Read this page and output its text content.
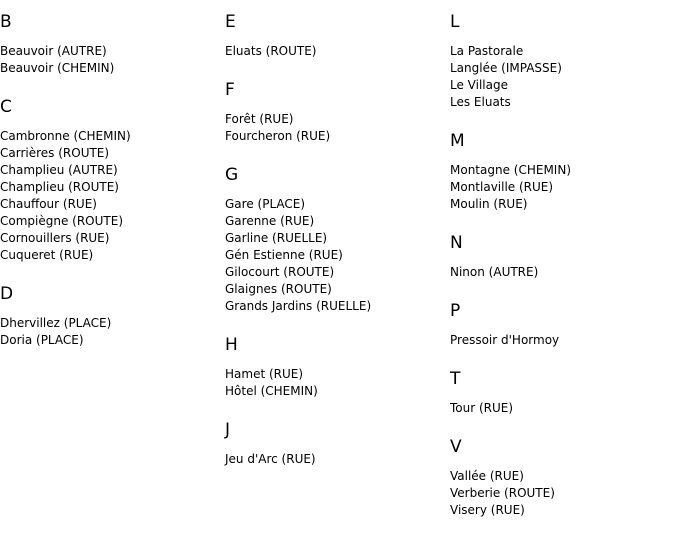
B
Beauvoir (AUTRE)
Beauvoir (CHEMIN)
C
Cambronne (CHEMIN)
Carrières (ROUTE)
Champlieu (AUTRE)
Champlieu (ROUTE)
Chauffour (RUE)
Compiègne (ROUTE)
Cornouillers (RUE)
Cuqueret (RUE)
D
Dhervillez (PLACE)
Doria (PLACE)
E
Eluats (ROUTE)
F
Forêt (RUE)
Fourcheron (RUE)
G
Gare (PLACE)
Garenne (RUE)
Garline (RUELLE)
Gén Estienne (RUE)
Gilocourt (ROUTE)
Glaignes (ROUTE)
Grands Jardins (RUELLE)
H
Hamet (RUE)
Hôtel (CHEMIN)
J
Jeu d'Arc (RUE)
L
La Pastorale
Langlée (IMPASSE)
Le Village
Les Eluats
M
Montagne (CHEMIN)
Montlaville (RUE)
Moulin (RUE)
N
Ninon (AUTRE)
P
Pressoir d'Hormoy
T
Tour (RUE)
V
Vallée (RUE)
Verberie (ROUTE)
Visery (RUE)
